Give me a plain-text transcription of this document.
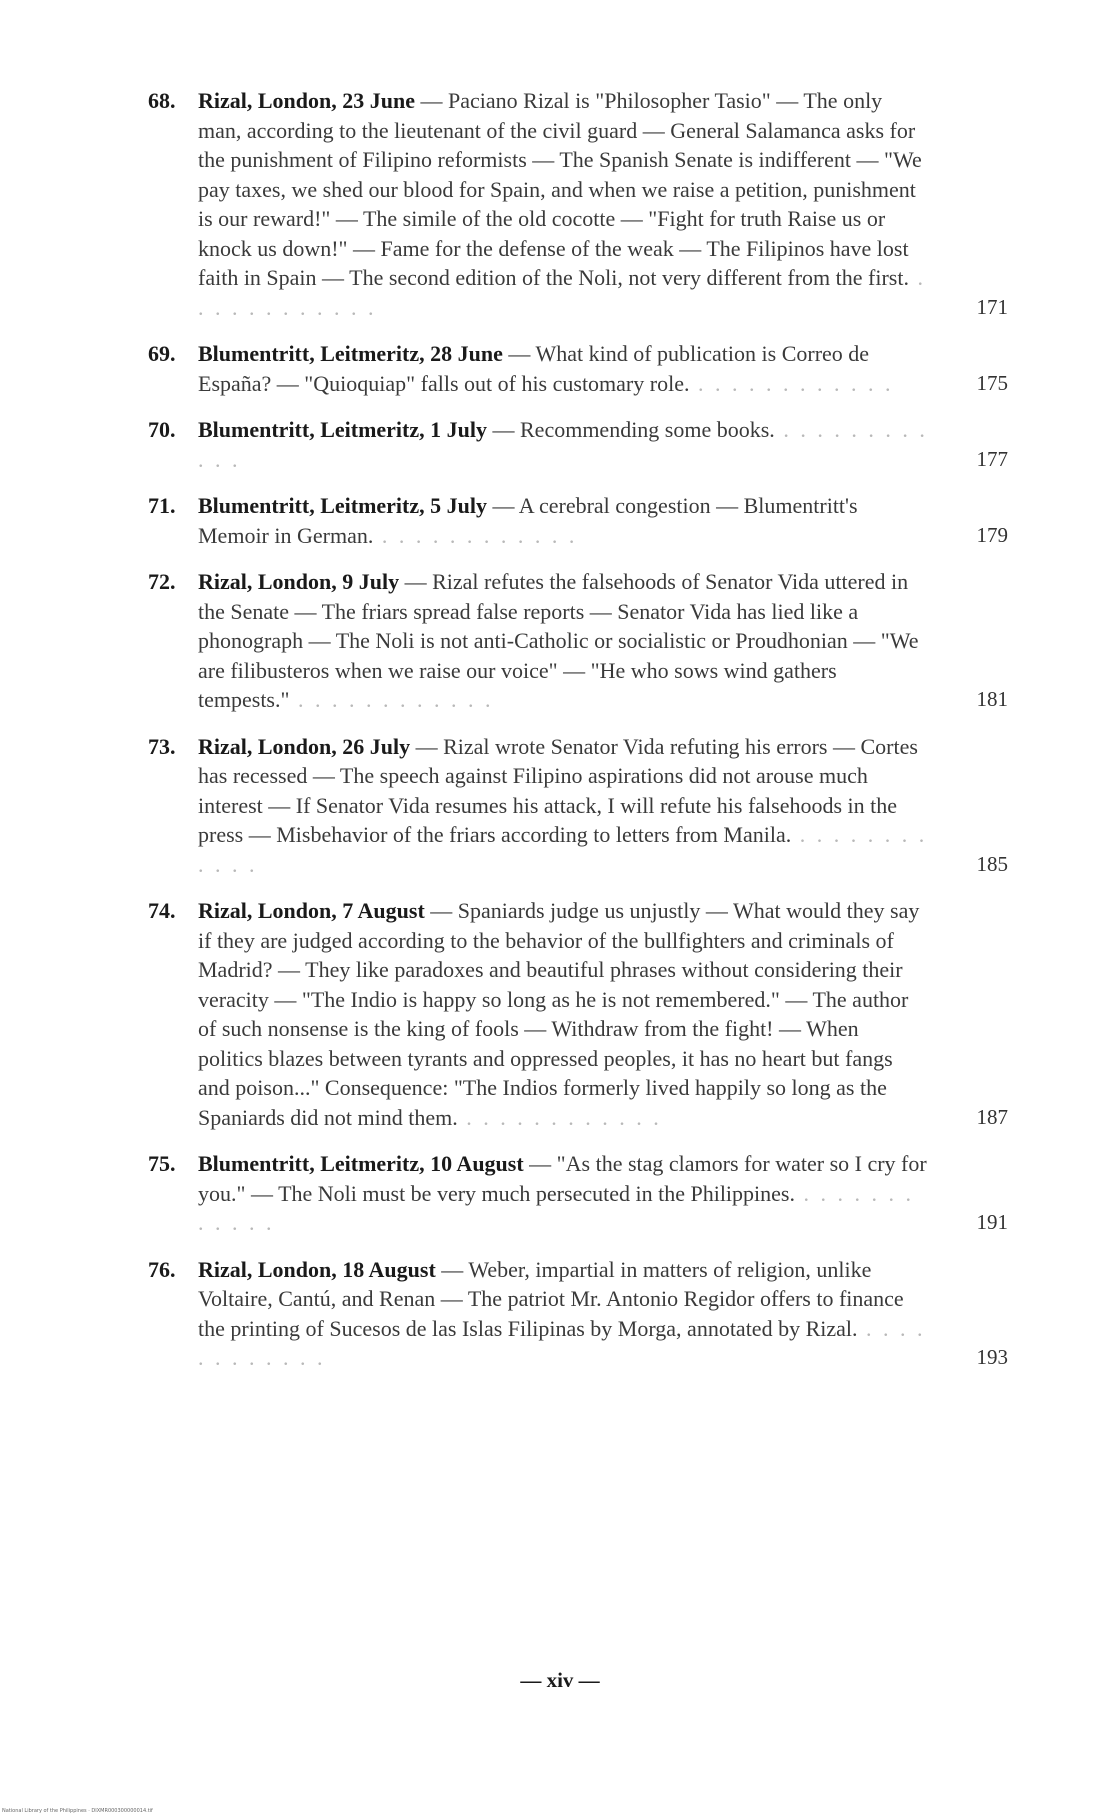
68.	Rizal, London, 23 June — Paciano Rizal is "Philosopher Tasio" — The only man, according to the lieutenant of the civil guard — General Salamanca asks for the punishment of Filipino reformists — The Spanish Senate is indifferent — "We pay taxes, we shed our blood for Spain, and when we raise a petition, punishment is our reward!" — The simile of the old cocotte — "Fight for truth Raise us or knock us down!" — Fame for the defense of the weak — The Filipinos have lost faith in Spain — The second edition of the Noli, not very different from the first. . . . . . . . . . . . .	171
69.	Blumentritt, Leitmeritz, 28 June — What kind of publication is Correo de España? — "Quioquiap" falls out of his customary role. . . . . . . . . . . . .	175
70.	Blumentritt, Leitmeritz, 1 July — Recommending some books. . . . . . . . . . . . .	177
71.	Blumentritt, Leitmeritz, 5 July — A cerebral congestion — Blumentritt's Memoir in German. . . . . . . . . . . . .	179
72.	Rizal, London, 9 July — Rizal refutes the falsehoods of Senator Vida uttered in the Senate — The friars spread false reports — Senator Vida has lied like a phonograph — The Noli is not anti-Catholic or socialistic or Proudhonian — "We are filibusteros when we raise our voice" — "He who sows wind gathers tempests." . . . . . . . . . . . .	181
73.	Rizal, London, 26 July — Rizal wrote Senator Vida refuting his errors — Cortes has recessed — The speech against Filipino aspirations did not arouse much interest — If Senator Vida resumes his attack, I will refute his falsehoods in the press — Misbehavior of the friars according to letters from Manila. . . . . . . . . . . . .	185
74.	Rizal, London, 7 August — Spaniards judge us unjustly — What would they say if they are judged according to the behavior of the bullfighters and criminals of Madrid? — They like paradoxes and beautiful phrases without considering their veracity — "The Indio is happy so long as he is not remembered." — The author of such nonsense is the king of fools — Withdraw from the fight! — When politics blazes between tyrants and oppressed peoples, it has no heart but fangs and poison..." Consequence: "The Indios formerly lived happily so long as the Spaniards did not mind them. . . . . . . . . . . . .	187
75.	Blumentritt, Leitmeritz, 10 August — "As the stag clamors for water so I cry for you." — The Noli must be very much persecuted in the Philippines. . . . . . . . . . . . .	191
76.	Rizal, London, 18 August — Weber, impartial in matters of religion, unlike Voltaire, Cantú, and Renan — The patriot Mr. Antonio Regidor offers to finance the printing of Sucesos de las Islas Filipinas by Morga, annotated by Rizal. . . . . . . . . . . . .	193
— xiv —
National Library of the Philippines · DIXMR000300000014.tif
